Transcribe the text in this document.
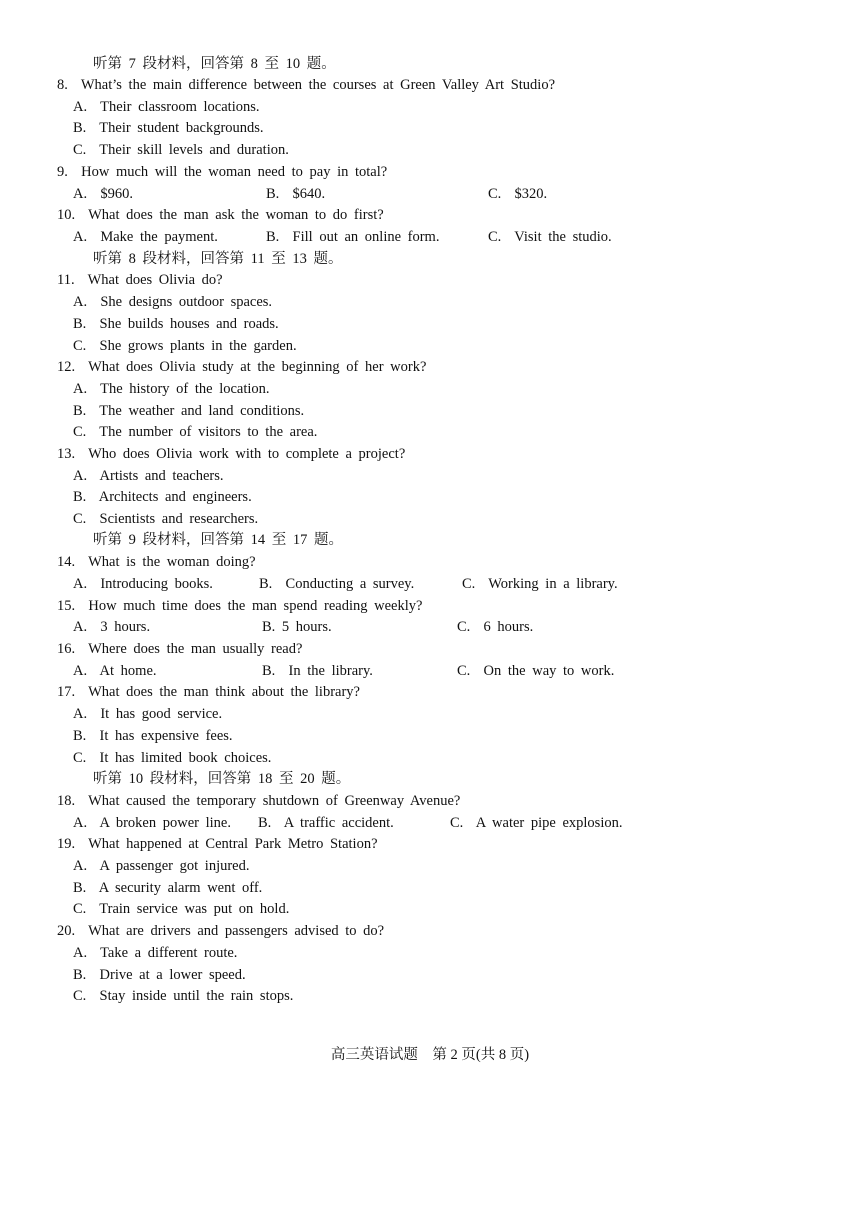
听第 7 段材料，回答第 8 至 10 题。
8.  What’s the main difference between the courses at Green Valley Art Studio?
A.  Their classroom locations.
B.  Their student backgrounds.
C.  Their skill levels and duration.
9.  How much will the woman need to pay in total?
A.  $960.	B.  $640.	C.  $320.
10.  What does the man ask the woman to do first?
A.  Make the payment.	B.  Fill out an online form.	C.  Visit the studio.
听第 8 段材料，回答第 11 至 13 题。
11.  What does Olivia do?
A.  She designs outdoor spaces.
B.  She builds houses and roads.
C.  She grows plants in the garden.
12.  What does Olivia study at the beginning of her work?
A.  The history of the location.
B.  The weather and land conditions.
C.  The number of visitors to the area.
13.  Who does Olivia work with to complete a project?
A.  Artists and teachers.
B.  Architects and engineers.
C.  Scientists and researchers.
听第 9 段材料，回答第 14 至 17 题。
14.  What is the woman doing?
A.  Introducing books.	B.  Conducting a survey.	C.  Working in a library.
15.  How much time does the man spend reading weekly?
A.  3 hours.	B. 5 hours.	C.  6 hours.
16.  Where does the man usually read?
A.  At home.	B.  In the library.	C.  On the way to work.
17.  What does the man think about the library?
A.  It has good service.
B.  It has expensive fees.
C.  It has limited book choices.
听第 10 段材料，回答第 18 至 20 题。
18.  What caused the temporary shutdown of Greenway Avenue?
A.  A broken power line. B.  A traffic accident.	C.  A water pipe explosion.
19.  What happened at Central Park Metro Station?
A.  A passenger got injured.
B.  A security alarm went off.
C.  Train service was put on hold.
20.  What are drivers and passengers advised to do?
A.  Take a different route.
B.  Drive at a lower speed.
C.  Stay inside until the rain stops.
高三英语试题    第 2 页(共 8 页)
